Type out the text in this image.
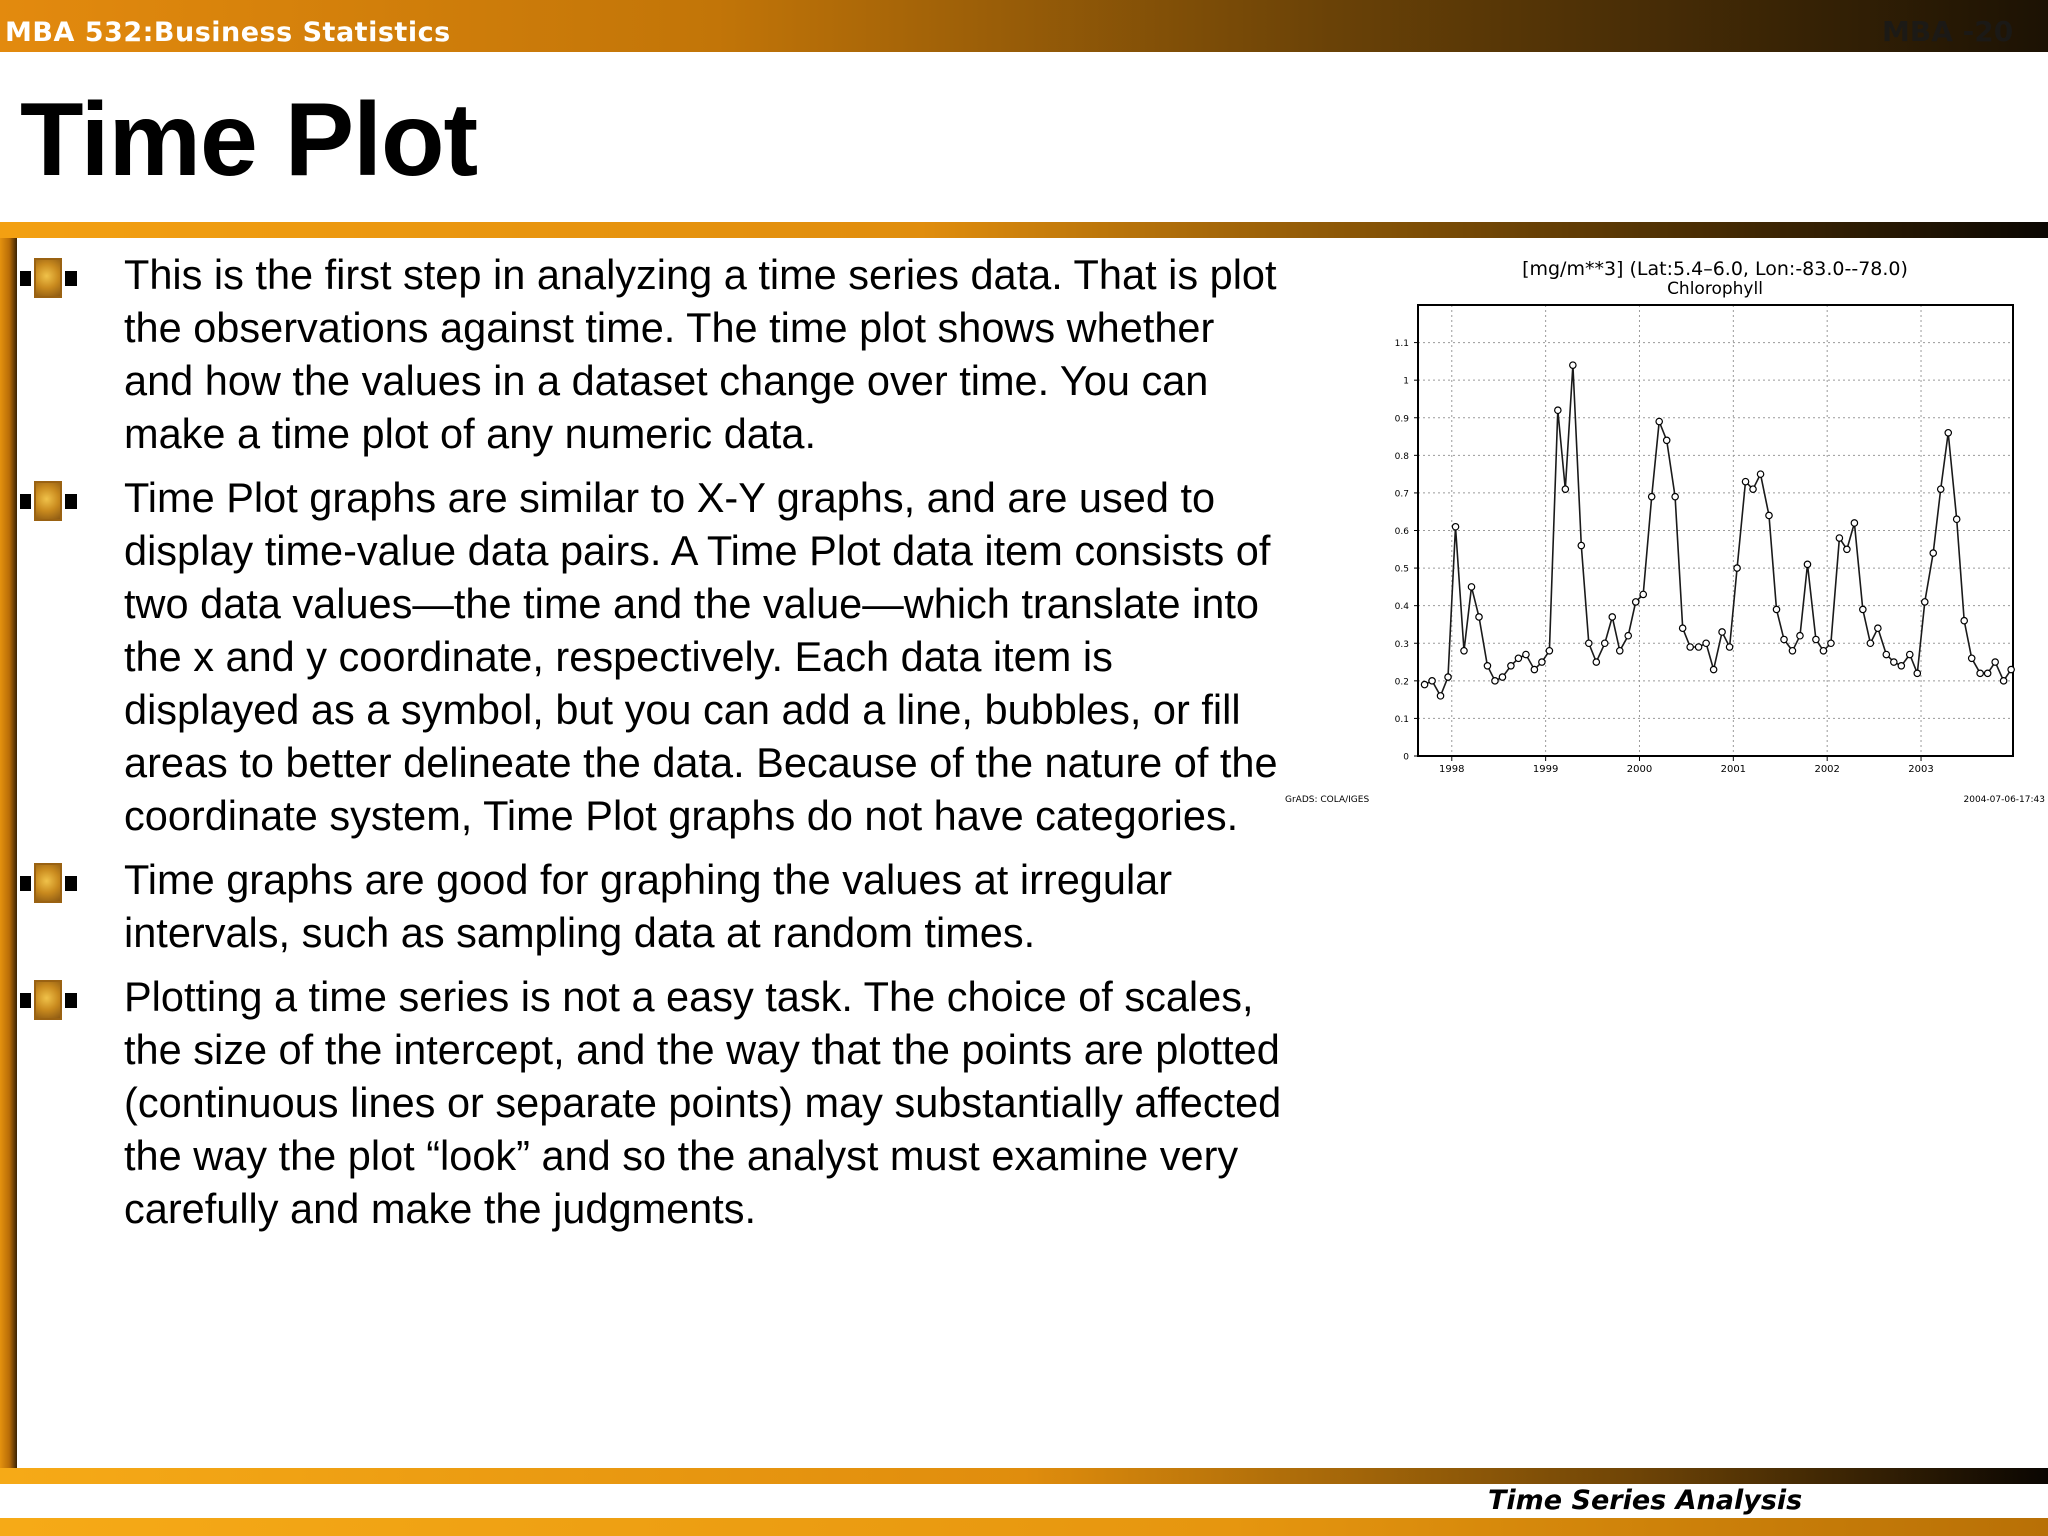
MBA 532:Business Statistics	MBA -20
Time Plot
This is the first step in analyzing a time series data. That is plot the observations against time. The time plot shows whether and how the values in a dataset change over time. You can make a time plot of any numeric data.
Time Plot graphs are similar to X-Y graphs, and are used to display time-value data pairs. A Time Plot data item consists of two data values—the time and the value—which translate into the x and y coordinate, respectively. Each data item is displayed as a symbol, but you can add a line, bubbles, or fill areas to better delineate the data. Because of the nature of the coordinate system, Time Plot graphs do not have categories.
Time graphs are good for graphing the values at irregular intervals, such as sampling data at random times.
Plotting a time series is not a easy task. The choice of scales, the size of the intercept, and the way that the points are plotted (continuous lines or separate points) may substantially affected the way the plot “look” and so the analyst must examine very carefully and make the judgments.
0
0.1
0.2
0.3
0.4
0.5
0.6
0.7
0.8
0.9
1
1.1
1998	1999	2000	2001	2002	2003
[mg/m**3] (Lat:5.4–6.0, Lon:-83.0--78.0)
Chlorophyll
GrADS: COLA/IGES	2004-07-06-17:43
Time Series Analysis
